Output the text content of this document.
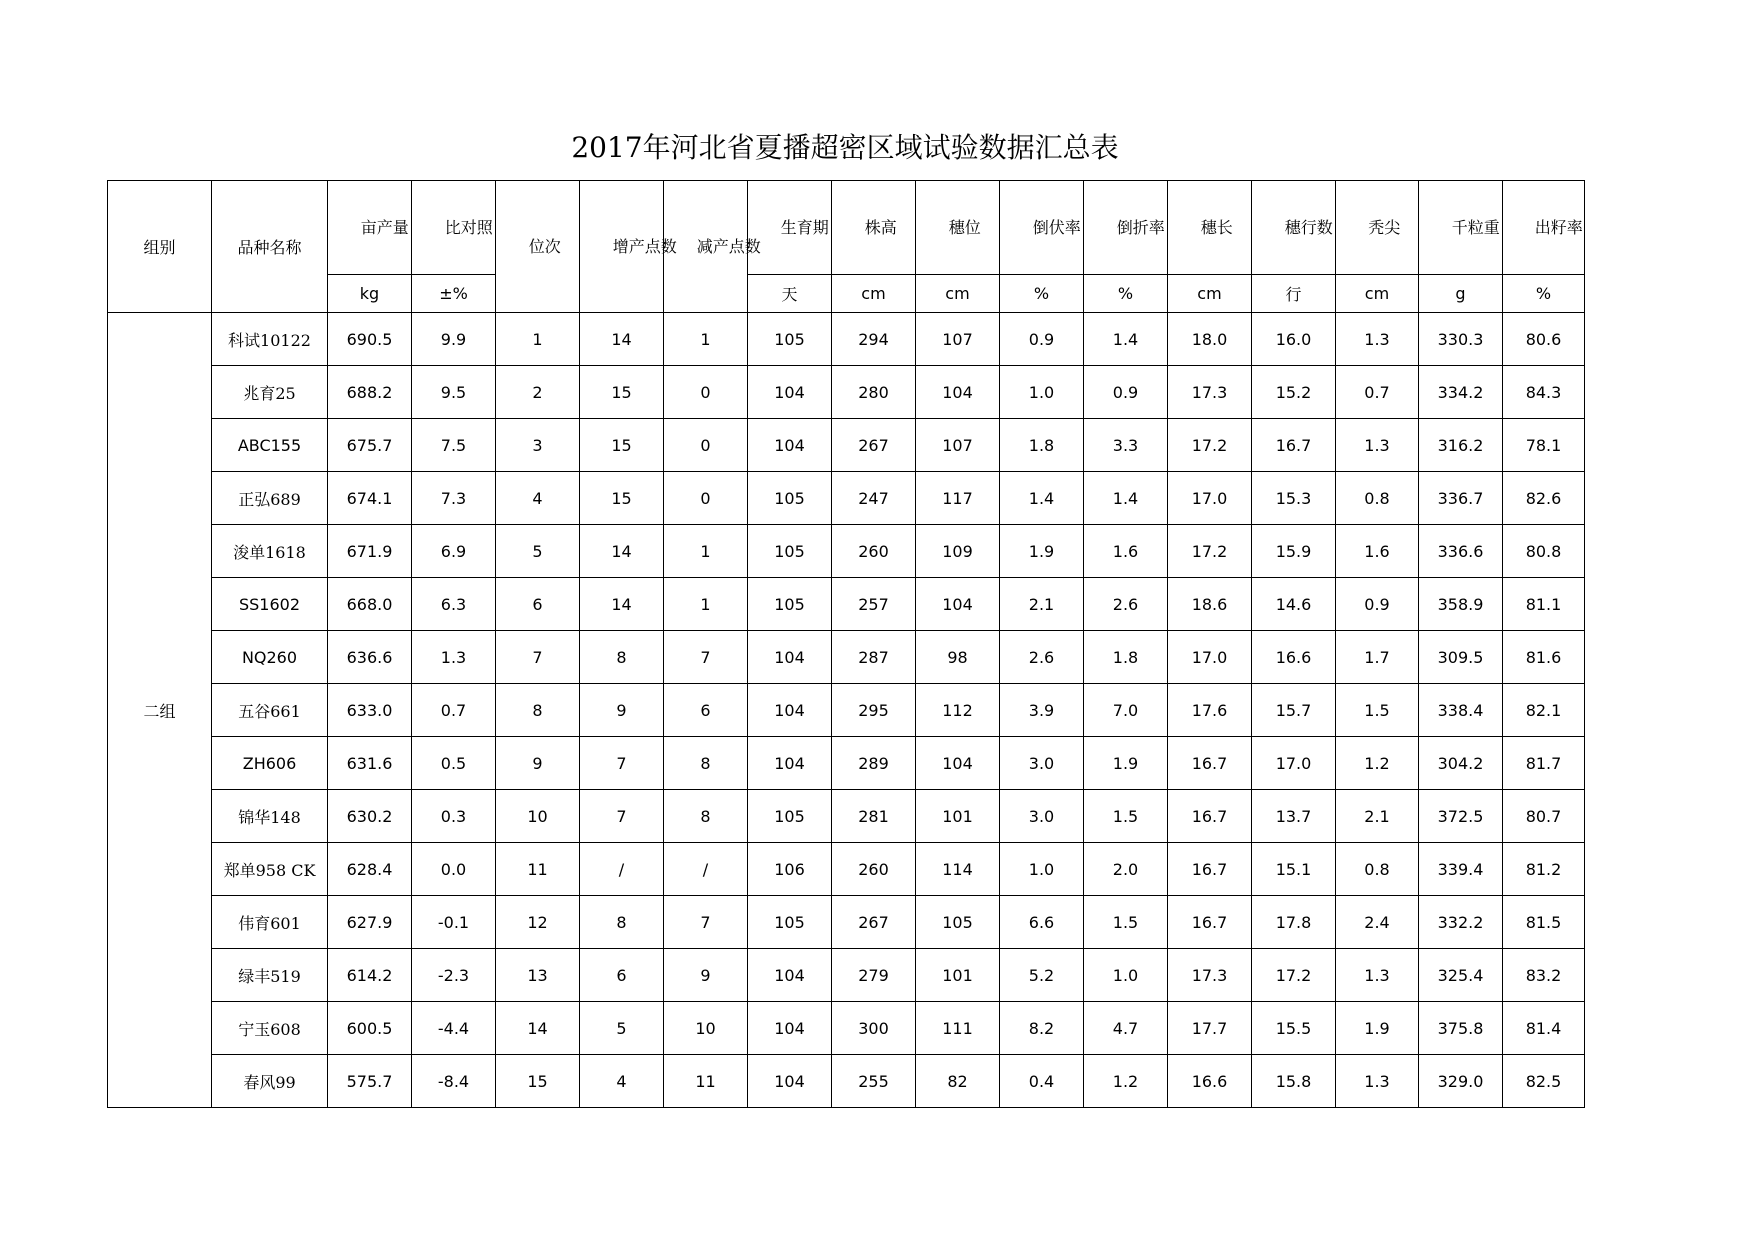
2017年河北省夏播超密区域试验数据汇总表
组别	品种名称	亩产量	比对照	位次	增产点数	减产点数	生育期	株高	穗位	倒伏率	倒折率	穗长	穗行数	秃尖	千粒重	出籽率
		kg	±%				天	cm	cm	%	%	cm	行	cm	g	%
二组	科试10122	690.5	9.9	1	14	1	105	294	107	0.9	1.4	18.0	16.0	1.3	330.3	80.6
	兆育25	688.2	9.5	2	15	0	104	280	104	1.0	0.9	17.3	15.2	0.7	334.2	84.3
	ABC155	675.7	7.5	3	15	0	104	267	107	1.8	3.3	17.2	16.7	1.3	316.2	78.1
	正弘689	674.1	7.3	4	15	0	105	247	117	1.4	1.4	17.0	15.3	0.8	336.7	82.6
	浚单1618	671.9	6.9	5	14	1	105	260	109	1.9	1.6	17.2	15.9	1.6	336.6	80.8
	SS1602	668.0	6.3	6	14	1	105	257	104	2.1	2.6	18.6	14.6	0.9	358.9	81.1
	NQ260	636.6	1.3	7	8	7	104	287	98	2.6	1.8	17.0	16.6	1.7	309.5	81.6
	五谷661	633.0	0.7	8	9	6	104	295	112	3.9	7.0	17.6	15.7	1.5	338.4	82.1
	ZH606	631.6	0.5	9	7	8	104	289	104	3.0	1.9	16.7	17.0	1.2	304.2	81.7
	锦华148	630.2	0.3	10	7	8	105	281	101	3.0	1.5	16.7	13.7	2.1	372.5	80.7
	郑单958 CK	628.4	0.0	11	/	/	106	260	114	1.0	2.0	16.7	15.1	0.8	339.4	81.2
	伟育601	627.9	-0.1	12	8	7	105	267	105	6.6	1.5	16.7	17.8	2.4	332.2	81.5
	绿丰519	614.2	-2.3	13	6	9	104	279	101	5.2	1.0	17.3	17.2	1.3	325.4	83.2
	宁玉608	600.5	-4.4	14	5	10	104	300	111	8.2	4.7	17.7	15.5	1.9	375.8	81.4
	春风99	575.7	-8.4	15	4	11	104	255	82	0.4	1.2	16.6	15.8	1.3	329.0	82.5
